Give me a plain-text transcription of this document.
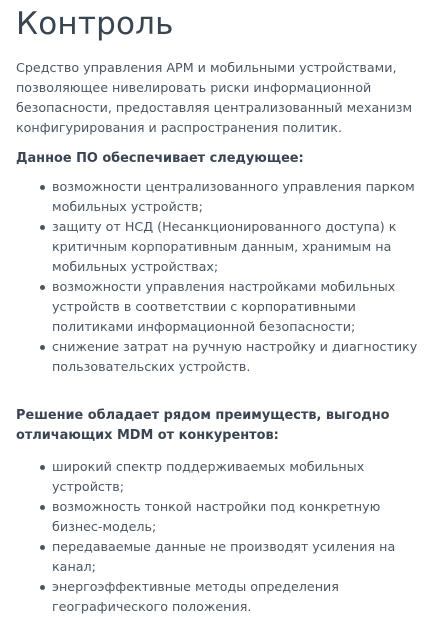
Контроль

Средство управления АРМ и мобильными устройствами, позволяющее нивелировать риски информационной безопасности, предоставляя централизованный механизм конфигурирования и распространения политик.

Данное ПО обеспечивает следующее:

возможности централизованного управления парком мобильных устройств;
защиту от НСД (Несанкционированного доступа) к критичным корпоративным данным, хранимым на мобильных устройствах;
возможности управления настройками мобильных устройств в соответствии с корпоративными политиками информационной безопасности;
снижение затрат на ручную настройку и диагностику пользовательских устройств.

Решение обладает рядом преимуществ, выгодно отличающих MDM от конкурентов:

широкий спектр поддерживаемых мобильных устройств;
возможность тонкой настройки под конкретную бизнес-модель;
передаваемые данные не производят усиления на канал;
энергоэффективные методы определения географического положения.
